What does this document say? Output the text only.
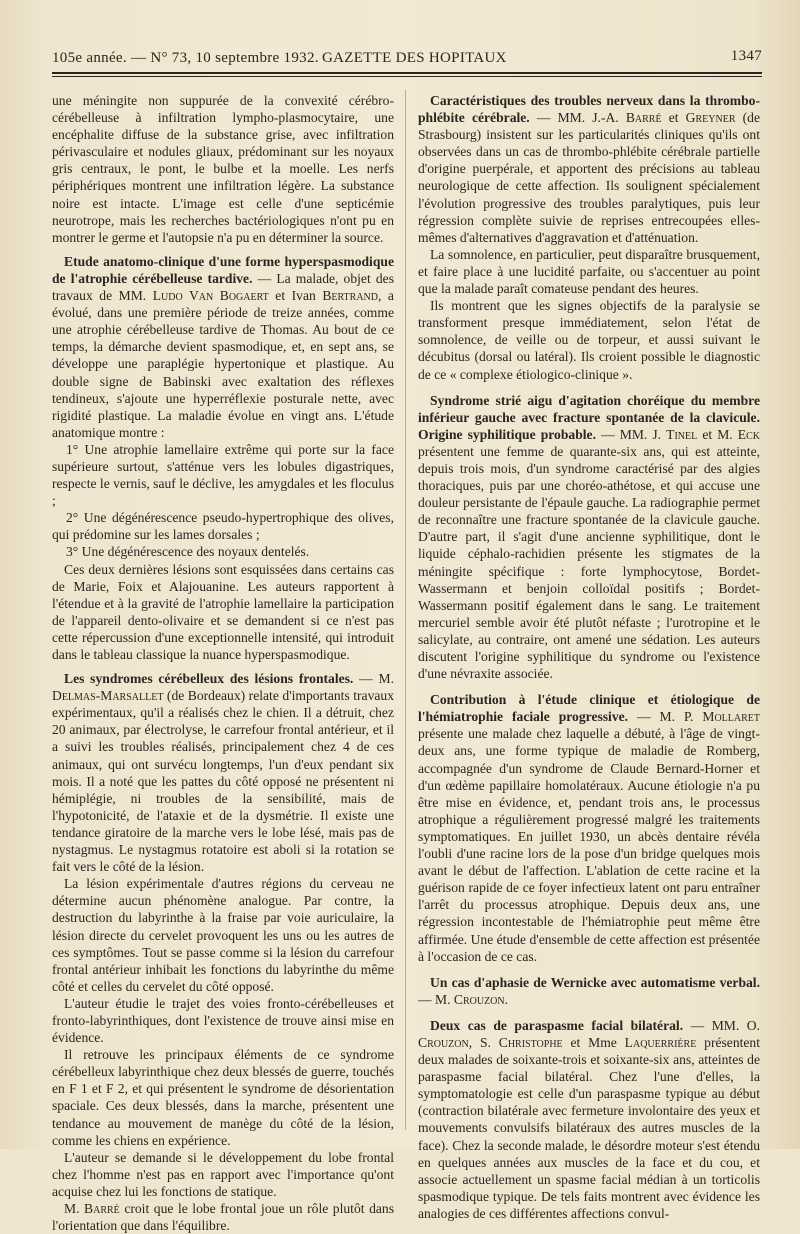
105e année. — N° 73, 10 septembre 1932. GAZETTE DES HOPITAUX	1347

une méningite non suppurée de la convexité cérébro-cérébelleuse à infiltration lympho-plasmocytaire, une encéphalite diffuse de la substance grise, avec infiltration périvasculaire et nodules gliaux, prédominant sur les noyaux gris centraux, le pont, le bulbe et la moelle. Les nerfs périphériques montrent une infiltration légère. La substance noire est intacte. L'image est celle d'une septicémie neurotrope, mais les recherches bactériologiques n'ont pu en montrer le germe et l'autopsie n'a pu en déterminer la source.

Etude anatomo-clinique d'une forme hyperspasmodique de l'atrophie cérébelleuse tardive. — La malade, objet des travaux de MM. Ludo Van Bogaert et Ivan Bertrand, a évolué, dans une première période de treize années, comme une atrophie cérébelleuse tardive de Thomas. Au bout de ce temps, la démarche devient spasmodique, et, en sept ans, se développe une paraplégie hypertonique et plastique. Au double signe de Babinski avec exaltation des réflexes tendineux, s'ajoute une hyperréflexie posturale nette, avec rigidité plastique. La maladie évolue en vingt ans. L'étude anatomique montre :

1° Une atrophie lamellaire extrême qui porte sur la face supérieure surtout, s'atténue vers les lobules digastriques, respecte le vernis, sauf le déclive, les amygdales et les floculus ;

2° Une dégénérescence pseudo-hypertrophique des olives, qui prédomine sur les lames dorsales ;

3° Une dégénérescence des noyaux dentelés.

Ces deux dernières lésions sont esquissées dans certains cas de Marie, Foix et Alajouanine. Les auteurs rapportent à l'étendue et à la gravité de l'atrophie lamellaire la participation de l'appareil dento-olivaire et se demandent si ce n'est pas cette répercussion d'une exceptionnelle intensité, qui introduit dans le tableau classique la nuance hyperspasmodique.

Les syndromes cérébelleux des lésions frontales. — M. Delmas-Marsallet (de Bordeaux) relate d'importants travaux expérimentaux, qu'il a réalisés chez le chien. Il a détruit, chez 20 animaux, par électrolyse, le carrefour frontal antérieur, et il a suivi les troubles réalisés, principalement chez 4 de ces animaux, qui ont survécu longtemps, l'un d'eux pendant six mois. Il a noté que les pattes du côté opposé ne présentent ni hémiplégie, ni troubles de la sensibilité, mais de l'hypotonicité, de l'ataxie et de la dysmétrie. Il existe une tendance giratoire de la marche vers le lobe lésé, mais pas de nystagmus. Le nystagmus rotatoire est aboli si la rotation se fait vers le côté de la lésion.

La lésion expérimentale d'autres régions du cerveau ne détermine aucun phénomène analogue. Par contre, la destruction du labyrinthe à la fraise par voie auriculaire, la lésion directe du cervelet provoquent les uns ou les autres de ces symptômes. Tout se passe comme si la lésion du carrefour frontal antérieur inhibait les fonctions du labyrinthe du même côté et celles du cervelet du côté opposé.

L'auteur étudie le trajet des voies fronto-cérébelleuses et fronto-labyrinthiques, dont l'existence de trouve ainsi mise en évidence.

Il retrouve les principaux éléments de ce syndrome cérébelleux labyrinthique chez deux blessés de guerre, touchés en F 1 et F 2, et qui présentent le syndrome de désorientation spaciale. Ces deux blessés, dans la marche, présentent une tendance au mouvement de manège du côté de la lésion, comme les chiens en expérience.

L'auteur se demande si le développement du lobe frontal chez l'homme n'est pas en rapport avec l'importance qu'ont acquise chez lui les fonctions de statique.

M. Barré croit que le lobe frontal joue un rôle plutôt dans l'orientation que dans l'équilibre.

Caractéristiques des troubles nerveux dans la thrombo-phlébite cérébrale. — MM. J.-A. Barré et Greyner (de Strasbourg) insistent sur les particularités cliniques qu'ils ont observées dans un cas de thrombo-phlébite cérébrale partielle d'origine puerpérale, et apportent des précisions au tableau neurologique de cette affection. Ils soulignent spécialement l'évolution progressive des troubles paralytiques, puis leur régression complète suivie de reprises entrecoupées elles-mêmes d'alternatives d'aggravation et d'atténuation.

La somnolence, en particulier, peut disparaître brusquement, et faire place à une lucidité parfaite, ou s'accentuer au point que la malade paraît comateuse pendant des heures.

Ils montrent que les signes objectifs de la paralysie se transforment presque immédiatement, selon l'état de somnolence, de veille ou de torpeur, et aussi suivant le décubitus (dorsal ou latéral). Ils croient possible le diagnostic de ce « complexe étiologico-clinique ».

Syndrome strié aigu d'agitation choréique du membre inférieur gauche avec fracture spontanée de la clavicule. Origine syphilitique probable. — MM. J. Tinel et M. Eck présentent une femme de quarante-six ans, qui est atteinte, depuis trois mois, d'un syndrome caractérisé par des algies thoraciques, puis par une choréo-athétose, et qui accuse une douleur persistante de l'épaule gauche. La radiographie permet de reconnaître une fracture spontanée de la clavicule gauche. D'autre part, il s'agit d'une ancienne syphilitique, dont le liquide céphalo-rachidien présente les stigmates de la méningite spécifique : forte lymphocytose, Bordet-Wassermann et benjoin colloïdal positifs ; Bordet-Wassermann positif également dans le sang. Le traitement mercuriel semble avoir été plutôt néfaste ; l'urotropine et le salicylate, au contraire, ont amené une sédation. Les auteurs discutent l'origine syphilitique du syndrome ou l'existence d'une névraxite associée.

Contribution à l'étude clinique et étiologique de l'hémiatrophie faciale progressive. — M. P. Mollaret présente une malade chez laquelle a débuté, à l'âge de vingt-deux ans, une forme typique de maladie de Romberg, accompagnée d'un syndrome de Claude Bernard-Horner et d'un œdème papillaire homolatéraux. Aucune étiologie n'a pu être mise en évidence, et, pendant trois ans, le processus atrophique a régulièrement progressé malgré les traitements symptomatiques. En juillet 1930, un abcès dentaire révéla l'oubli d'une racine lors de la pose d'un bridge quelques mois avant le début de l'affection. L'ablation de cette racine et la guérison rapide de ce foyer infectieux latent ont paru entraîner l'arrêt du processus atrophique. Depuis deux ans, une régression incontestable de l'hémiatrophie peut même être affirmée. Une étude d'ensemble de cette affection est présentée à l'occasion de ce cas.

Un cas d'aphasie de Wernicke avec automatisme verbal. — M. Crouzon.

Deux cas de paraspasme facial bilatéral. — MM. O. Crouzon, S. Christophe et Mme Laquerrière présentent deux malades de soixante-trois et soixante-six ans, atteintes de paraspasme facial bilatéral. Chez l'une d'elles, la symptomatologie est celle d'un paraspasme typique au début (contraction bilatérale avec fermeture involontaire des yeux et mouvements convulsifs bilatéraux des autres muscles de la face). Chez la seconde malade, le désordre moteur s'est étendu en quelques années aux muscles de la face et du cou, et associe actuellement un spasme facial médian à un torticolis spasmodique typique. De tels faits montrent avec évidence les analogies de ces différentes affections convul-
